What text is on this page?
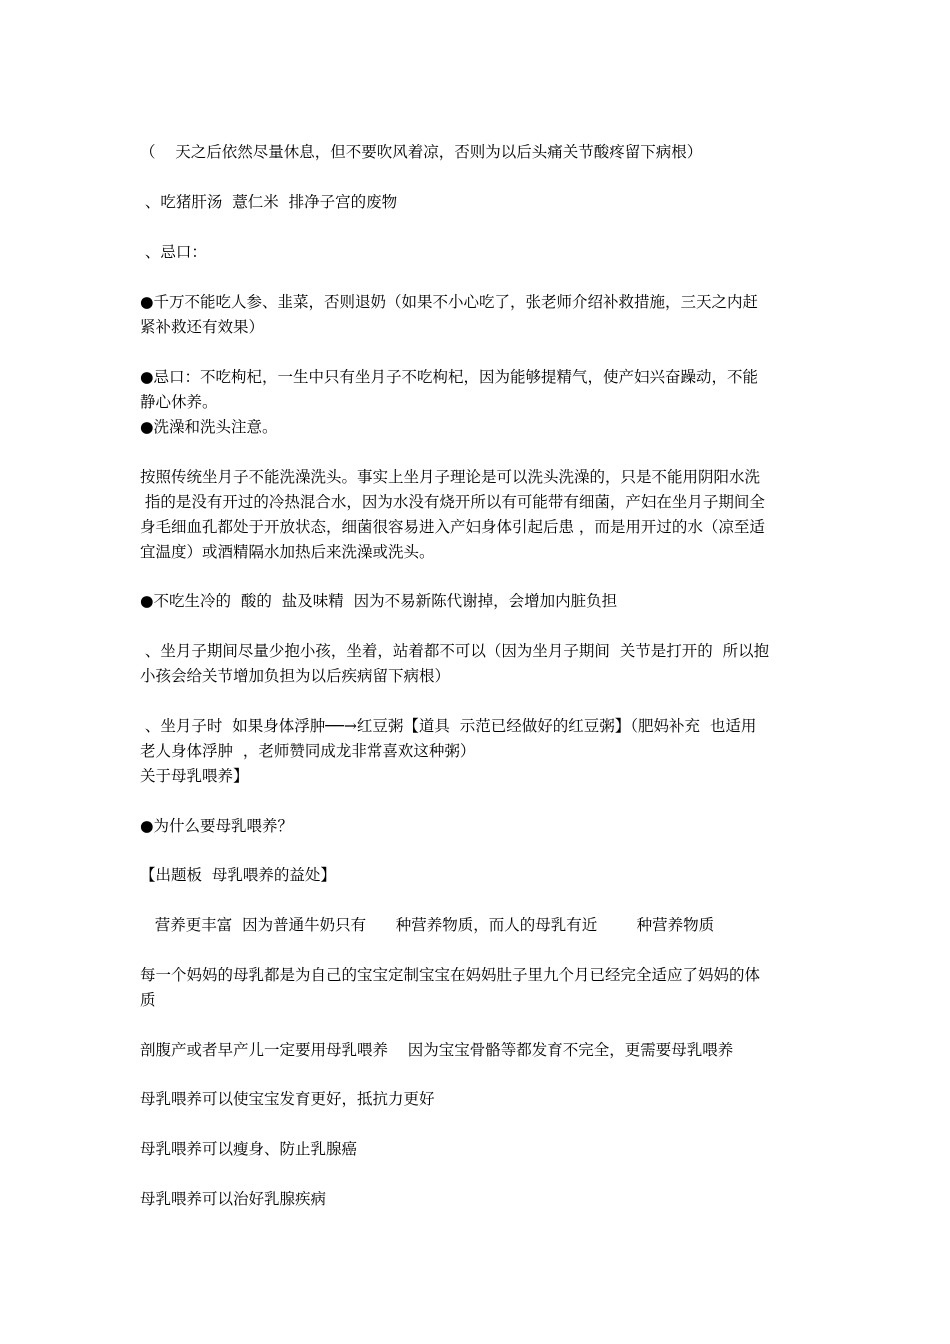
（    天之后依然尽量休息，但不要吹风着凉，否则为以后头痛关节酸疼留下病根）
、吃猪肝汤  薏仁米  排净子宫的废物
、忌口：
●千万不能吃人参、韭菜，否则退奶（如果不小心吃了，张老师介绍补救措施，三天之内赶
紧补救还有效果）
●忌口：不吃枸杞，一生中只有坐月子不吃枸杞，因为能够提精气，使产妇兴奋躁动，不能
静心休养。
●洗澡和洗头注意。
按照传统坐月子不能洗澡洗头。事实上坐月子理论是可以洗头洗澡的，只是不能用阴阳水洗
指的是没有开过的冷热混合水，因为水没有烧开所以有可能带有细菌，产妇在坐月子期间全
身毛细血孔都处于开放状态，细菌很容易进入产妇身体引起后患 ，而是用开过的水（凉至适
宜温度）或酒精隔水加热后来洗澡或洗头。
●不吃生冷的  酸的  盐及味精  因为不易新陈代谢掉，会增加内脏负担
、坐月子期间尽量少抱小孩，坐着，站着都不可以（因为坐月子期间  关节是打开的  所以抱
小孩会给关节增加负担为以后疾病留下病根）
、坐月子时  如果身体浮肿──→红豆粥【道具  示范已经做好的红豆粥】（肥妈补充  也适用
老人身体浮肿  ，老师赞同成龙非常喜欢这种粥）
关于母乳喂养】
●为什么要母乳喂养？
【出题板  母乳喂养的益处】
营养更丰富  因为普通牛奶只有      种营养物质，而人的母乳有近        种营养物质
每一个妈妈的母乳都是为自己的宝宝定制宝宝在妈妈肚子里九个月已经完全适应了妈妈的体
质
剖腹产或者早产儿一定要用母乳喂养    因为宝宝骨骼等都发育不完全，更需要母乳喂养
母乳喂养可以使宝宝发育更好，抵抗力更好
母乳喂养可以瘦身、防止乳腺癌
母乳喂养可以治好乳腺疾病
